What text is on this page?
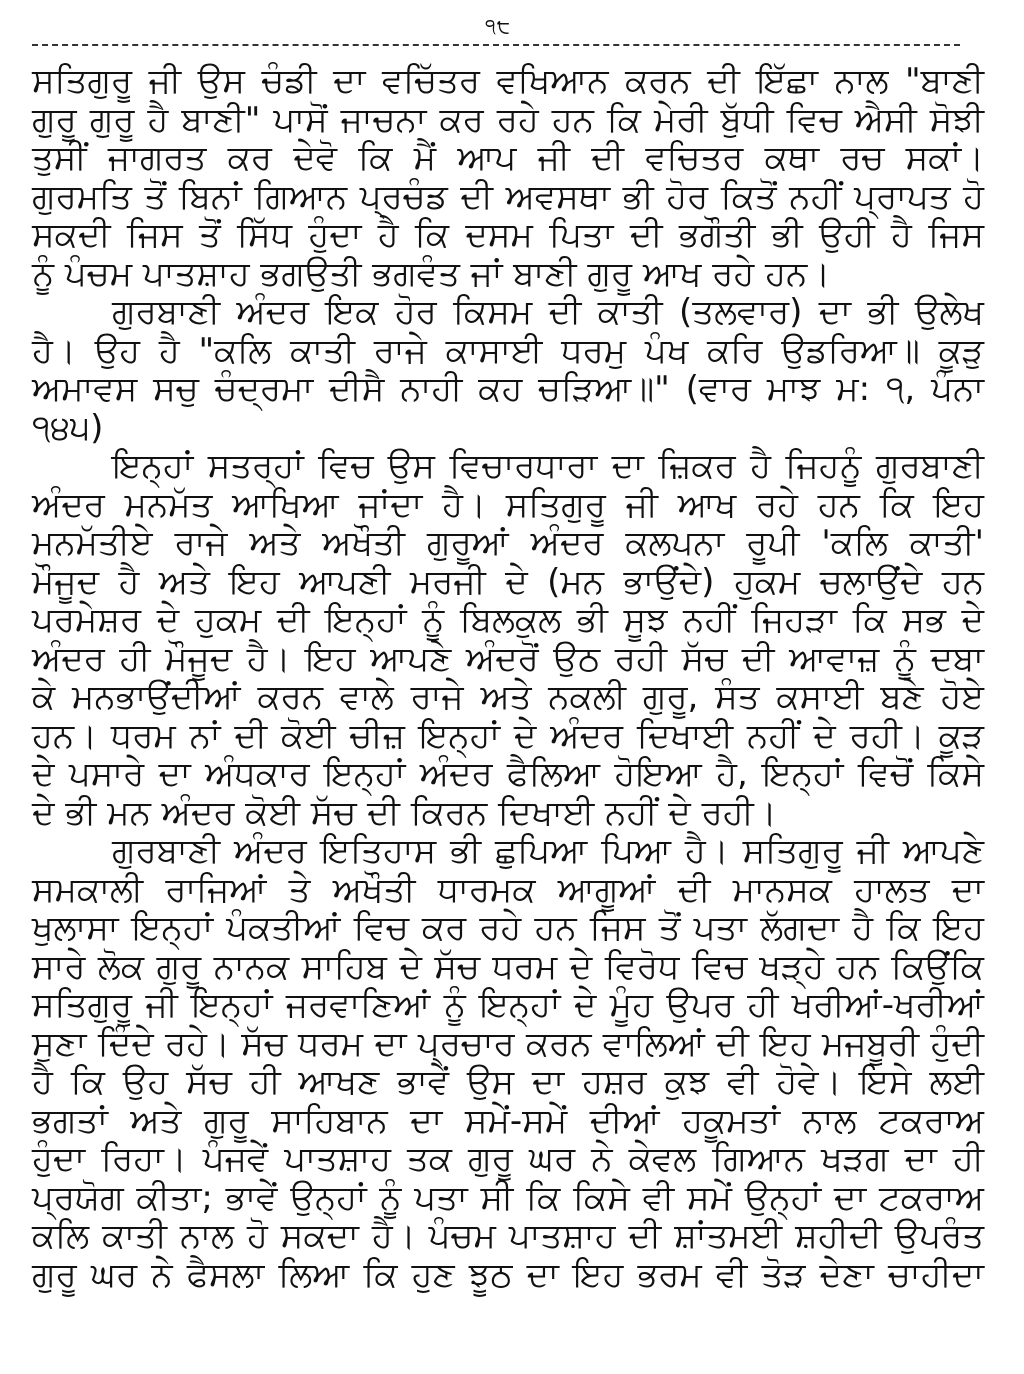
੧੮
ਸਤਿਗੁਰੂ ਜੀ ਉਸ ਚੰਡੀ ਦਾ ਵਚਿੱਤਰ ਵਖਿਆਨ ਕਰਨ ਦੀ ਇੱਛਾ ਨਾਲ "ਬਾਣੀ
ਗੁਰੂ ਗੁਰੂ ਹੈ ਬਾਣੀ" ਪਾਸੋਂ ਜਾਚਨਾ ਕਰ ਰਹੇ ਹਨ ਕਿ ਮੇਰੀ ਬੁੱਧੀ ਵਿਚ ਐਸੀ ਸੋਝੀ
ਤੁਸੀਂ ਜਾਗਰਤ ਕਰ ਦੇਵੋ ਕਿ ਮੈਂ ਆਪ ਜੀ ਦੀ ਵਚਿਤਰ ਕਥਾ ਰਚ ਸਕਾਂ।
ਗੁਰਮਤਿ ਤੋਂ ਬਿਨਾਂ ਗਿਆਨ ਪ੍ਰਚੰਡ ਦੀ ਅਵਸਥਾ ਭੀ ਹੋਰ ਕਿਤੋਂ ਨਹੀਂ ਪ੍ਰਾਪਤ ਹੋ
ਸਕਦੀ ਜਿਸ ਤੋਂ ਸਿੱਧ ਹੁੰਦਾ ਹੈ ਕਿ ਦਸਮ ਪਿਤਾ ਦੀ ਭਗੌਤੀ ਭੀ ਉਹੀ ਹੈ ਜਿਸ
ਨੂੰ ਪੰਚਮ ਪਾਤਸ਼ਾਹ ਭਗਉਤੀ ਭਗਵੰਤ ਜਾਂ ਬਾਣੀ ਗੁਰੂ ਆਖ ਰਹੇ ਹਨ।
ਗੁਰਬਾਣੀ ਅੰਦਰ ਇਕ ਹੋਰ ਕਿਸਮ ਦੀ ਕਾਤੀ (ਤਲਵਾਰ) ਦਾ ਭੀ ਉਲੇਖ
ਹੈ। ਉਹ ਹੈ "ਕਲਿ ਕਾਤੀ ਰਾਜੇ ਕਾਸਾਈ ਧਰਮੁ ਪੰਖ ਕਰਿ ਉਡਰਿਆ॥ ਕੂੜੁ
ਅਮਾਵਸ ਸਚੁ ਚੰਦ੍ਰਮਾ ਦੀਸੈ ਨਾਹੀ ਕਹ ਚੜਿਆ॥" (ਵਾਰ ਮਾਝ ਮ: ੧, ਪੰਨਾ
੧੪੫)
ਇਨ੍ਹਾਂ ਸਤਰ੍ਹਾਂ ਵਿਚ ਉਸ ਵਿਚਾਰਧਾਰਾ ਦਾ ਜ਼ਿਕਰ ਹੈ ਜਿਹਨੂੰ ਗੁਰਬਾਣੀ
ਅੰਦਰ ਮਨਮੱਤ ਆਖਿਆ ਜਾਂਦਾ ਹੈ। ਸਤਿਗੁਰੂ ਜੀ ਆਖ ਰਹੇ ਹਨ ਕਿ ਇਹ
ਮਨਮੱਤੀਏ ਰਾਜੇ ਅਤੇ ਅਖੌਤੀ ਗੁਰੂਆਂ ਅੰਦਰ ਕਲਪਨਾ ਰੂਪੀ 'ਕਲਿ ਕਾਤੀ'
ਮੌਜੂਦ ਹੈ ਅਤੇ ਇਹ ਆਪਣੀ ਮਰਜੀ ਦੇ (ਮਨ ਭਾਉਂਦੇ) ਹੁਕਮ ਚਲਾਉਂਦੇ ਹਨ
ਪਰਮੇਸ਼ਰ ਦੇ ਹੁਕਮ ਦੀ ਇਨ੍ਹਾਂ ਨੂੰ ਬਿਲਕੁਲ ਭੀ ਸੂਝ ਨਹੀਂ ਜਿਹੜਾ ਕਿ ਸਭ ਦੇ
ਅੰਦਰ ਹੀ ਮੌਜੂਦ ਹੈ। ਇਹ ਆਪਣੇ ਅੰਦਰੋਂ ਉਠ ਰਹੀ ਸੱਚ ਦੀ ਆਵਾਜ਼ ਨੂੰ ਦਬਾ
ਕੇ ਮਨਭਾਉਂਦੀਆਂ ਕਰਨ ਵਾਲੇ ਰਾਜੇ ਅਤੇ ਨਕਲੀ ਗੁਰੂ, ਸੰਤ ਕਸਾਈ ਬਣੇ ਹੋਏ
ਹਨ। ਧਰਮ ਨਾਂ ਦੀ ਕੋਈ ਚੀਜ਼ ਇਨ੍ਹਾਂ ਦੇ ਅੰਦਰ ਦਿਖਾਈ ਨਹੀਂ ਦੇ ਰਹੀ। ਕੂੜ
ਦੇ ਪਸਾਰੇ ਦਾ ਅੰਧਕਾਰ ਇਨ੍ਹਾਂ ਅੰਦਰ ਫੈਲਿਆ ਹੋਇਆ ਹੈ, ਇਨ੍ਹਾਂ ਵਿਚੋਂ ਕਿਸੇ
ਦੇ ਭੀ ਮਨ ਅੰਦਰ ਕੋਈ ਸੱਚ ਦੀ ਕਿਰਨ ਦਿਖਾਈ ਨਹੀਂ ਦੇ ਰਹੀ।
ਗੁਰਬਾਣੀ ਅੰਦਰ ਇਤਿਹਾਸ ਭੀ ਛੁਪਿਆ ਪਿਆ ਹੈ। ਸਤਿਗੁਰੂ ਜੀ ਆਪਣੇ
ਸਮਕਾਲੀ ਰਾਜਿਆਂ ਤੇ ਅਖੌਤੀ ਧਾਰਮਕ ਆਗੂਆਂ ਦੀ ਮਾਨਸਕ ਹਾਲਤ ਦਾ
ਖੁਲਾਸਾ ਇਨ੍ਹਾਂ ਪੰਕਤੀਆਂ ਵਿਚ ਕਰ ਰਹੇ ਹਨ ਜਿਸ ਤੋਂ ਪਤਾ ਲੱਗਦਾ ਹੈ ਕਿ ਇਹ
ਸਾਰੇ ਲੋਕ ਗੁਰੂ ਨਾਨਕ ਸਾਹਿਬ ਦੇ ਸੱਚ ਧਰਮ ਦੇ ਵਿਰੋਧ ਵਿਚ ਖੜ੍ਹੇ ਹਨ ਕਿਉਂਕਿ
ਸਤਿਗੁਰੂ ਜੀ ਇਨ੍ਹਾਂ ਜਰਵਾਣਿਆਂ ਨੂੰ ਇਨ੍ਹਾਂ ਦੇ ਮੂੰਹ ਉਪਰ ਹੀ ਖਰੀਆਂ-ਖਰੀਆਂ
ਸੁਣਾ ਦਿੰਦੇ ਰਹੇ। ਸੱਚ ਧਰਮ ਦਾ ਪ੍ਰਚਾਰ ਕਰਨ ਵਾਲਿਆਂ ਦੀ ਇਹ ਮਜਬੂਰੀ ਹੁੰਦੀ
ਹੈ ਕਿ ਉਹ ਸੱਚ ਹੀ ਆਖਣ ਭਾਵੇਂ ਉਸ ਦਾ ਹਸ਼ਰ ਕੁਝ ਵੀ ਹੋਵੇ। ਇਸੇ ਲਈ
ਭਗਤਾਂ ਅਤੇ ਗੁਰੂ ਸਾਹਿਬਾਨ ਦਾ ਸਮੇਂ-ਸਮੇਂ ਦੀਆਂ ਹਕੂਮਤਾਂ ਨਾਲ ਟਕਰਾਅ
ਹੁੰਦਾ ਰਿਹਾ। ਪੰਜਵੇਂ ਪਾਤਸ਼ਾਹ ਤਕ ਗੁਰੂ ਘਰ ਨੇ ਕੇਵਲ ਗਿਆਨ ਖੜਗ ਦਾ ਹੀ
ਪ੍ਰਯੋਗ ਕੀਤਾ; ਭਾਵੇਂ ਉਨ੍ਹਾਂ ਨੂੰ ਪਤਾ ਸੀ ਕਿ ਕਿਸੇ ਵੀ ਸਮੇਂ ਉਨ੍ਹਾਂ ਦਾ ਟਕਰਾਅ
ਕਲਿ ਕਾਤੀ ਨਾਲ ਹੋ ਸਕਦਾ ਹੈ। ਪੰਚਮ ਪਾਤਸ਼ਾਹ ਦੀ ਸ਼ਾਂਤਮਈ ਸ਼ਹੀਦੀ ਉਪਰੰਤ
ਗੁਰੂ ਘਰ ਨੇ ਫੈਸਲਾ ਲਿਆ ਕਿ ਹੁਣ ਝੂਠ ਦਾ ਇਹ ਭਰਮ ਵੀ ਤੋੜ ਦੇਣਾ ਚਾਹੀਦਾ
